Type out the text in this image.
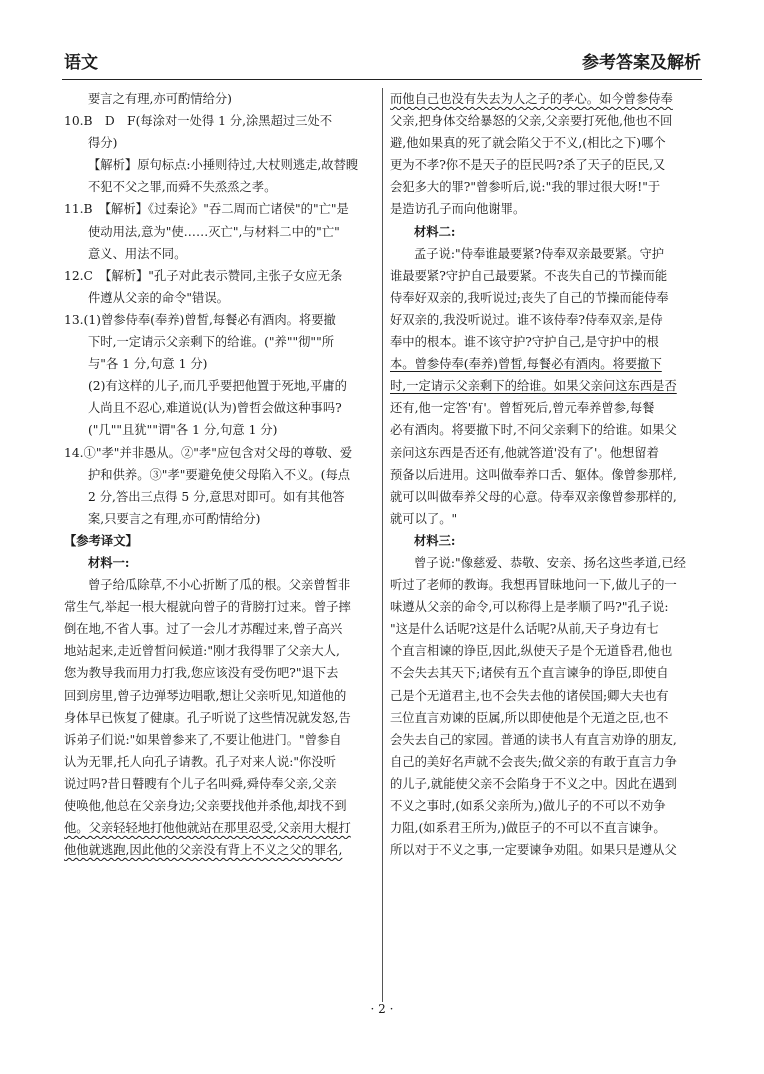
语文	参考答案及解析
要言之有理,亦可酌情给分)
10.B　D　F(每涂对一处得 1 分,涂黑超过三处不
得分)
【解析】原句标点:小捶则待过,大杖则逃走,故替瞍
不犯不父之罪,而舜不失烝烝之孝。
11.B　【解析】《过秦论》"吞二周而亡诸侯"的"亡"是
使动用法,意为"使……灭亡",与材料二中的"亡"
意义、用法不同。
12.C　【解析】"孔子对此表示赞同,主张子女应无条
件遵从父亲的命令"错误。
13.(1)曾参侍奉(奉养)曾皙,每餐必有酒肉。将要撤
下时,一定请示父亲剩下的给谁。("养""彻""所
与"各 1 分,句意 1 分)
(2)有这样的儿子,而几乎要把他置于死地,平庸的
人尚且不忍心,难道说(认为)曾哲会做这种事吗?
("几""且犹""谓"各 1 分,句意 1 分)
14.①"孝"并非愚从。②"孝"应包含对父母的尊敬、爱
护和供养。③"孝"要避免使父母陷入不义。(每点
2 分,答出三点得 5 分,意思对即可。如有其他答
案,只要言之有理,亦可酌情给分)
【参考译文】
材料一:
曾子给瓜除草,不小心折断了瓜的根。父亲曾皙非
常生气,举起一根大棍就向曾子的背膀打过来。曾子摔
倒在地,不省人事。过了一会儿才苏醒过来,曾子高兴
地站起来,走近曾皙问候道:"刚才我得罪了父亲大人,
您为教导我而用力打我,您应该没有受伤吧?"退下去
回到房里,曾子边弹琴边唱歌,想让父亲听见,知道他的
身体早已恢复了健康。孔子听说了这些情况就发怒,告
诉弟子们说:"如果曾参来了,不要让他进门。"曾参自
认为无罪,托人向孔子请教。孔子对来人说:"你没听
说过吗?昔日瞽瞍有个儿子名叫舜,舜侍奉父亲,父亲
使唤他,他总在父亲身边;父亲要找他并杀他,却找不到
他。父亲轻轻地打他他就站在那里忍受,父亲用大棍打
他他就逃跑,因此他的父亲没有背上不义之父的罪名,
而他自己也没有失去为人之子的孝心。如今曾参侍奉
父亲,把身体交给暴怒的父亲,父亲要打死他,他也不回
避,他如果真的死了就会陷父于不义,(相比之下)哪个
更为不孝?你不是天子的臣民吗?杀了天子的臣民,又
会犯多大的罪?"曾参听后,说:"我的罪过很大呀!"于
是造访孔子而向他谢罪。
材料二:
孟子说:"侍奉谁最要紧?侍奉双亲最要紧。守护
谁最要紧?守护自己最要紧。不丧失自己的节操而能
侍奉好双亲的,我听说过;丧失了自己的节操而能侍奉
好双亲的,我没听说过。谁不该侍奉?侍奉双亲,是侍
奉中的根本。谁不该守护?守护自己,是守护中的根
本。曾参侍奉(奉养)曾皙,每餐必有酒肉。将要撤下
时,一定请示父亲剩下的给谁。如果父亲问这东西是否
还有,他一定答'有'。曾皙死后,曾元奉养曾参,每餐
必有酒肉。将要撤下时,不问父亲剩下的给谁。如果父
亲问这东西是否还有,他就答道'没有了'。他想留着
预备以后进用。这叫做奉养口舌、躯体。像曾参那样,
就可以叫做奉养父母的心意。侍奉双亲像曾参那样的,
就可以了。"
材料三:
曾子说:"像慈爱、恭敬、安亲、扬名这些孝道,已经
听过了老师的教诲。我想再冒昧地问一下,做儿子的一
味遵从父亲的命令,可以称得上是孝顺了吗?"孔子说:
"这是什么话呢?这是什么话呢?从前,天子身边有七
个直言相谏的诤臣,因此,纵使天子是个无道昏君,他也
不会失去其天下;诸侯有五个直言谏争的诤臣,即使自
己是个无道君主,也不会失去他的诸侯国;卿大夫也有
三位直言劝谏的臣属,所以即使他是个无道之臣,也不
会失去自己的家园。普通的读书人有直言劝诤的朋友,
自己的美好名声就不会丧失;做父亲的有敢于直言力争
的儿子,就能使父亲不会陷身于不义之中。因此在遇到
不义之事时,(如系父亲所为,)做儿子的不可以不劝争
力阻,(如系君王所为,)做臣子的不可以不直言谏争。
所以对于不义之事,一定要谏争劝阻。如果只是遵从父
· 2 ·
